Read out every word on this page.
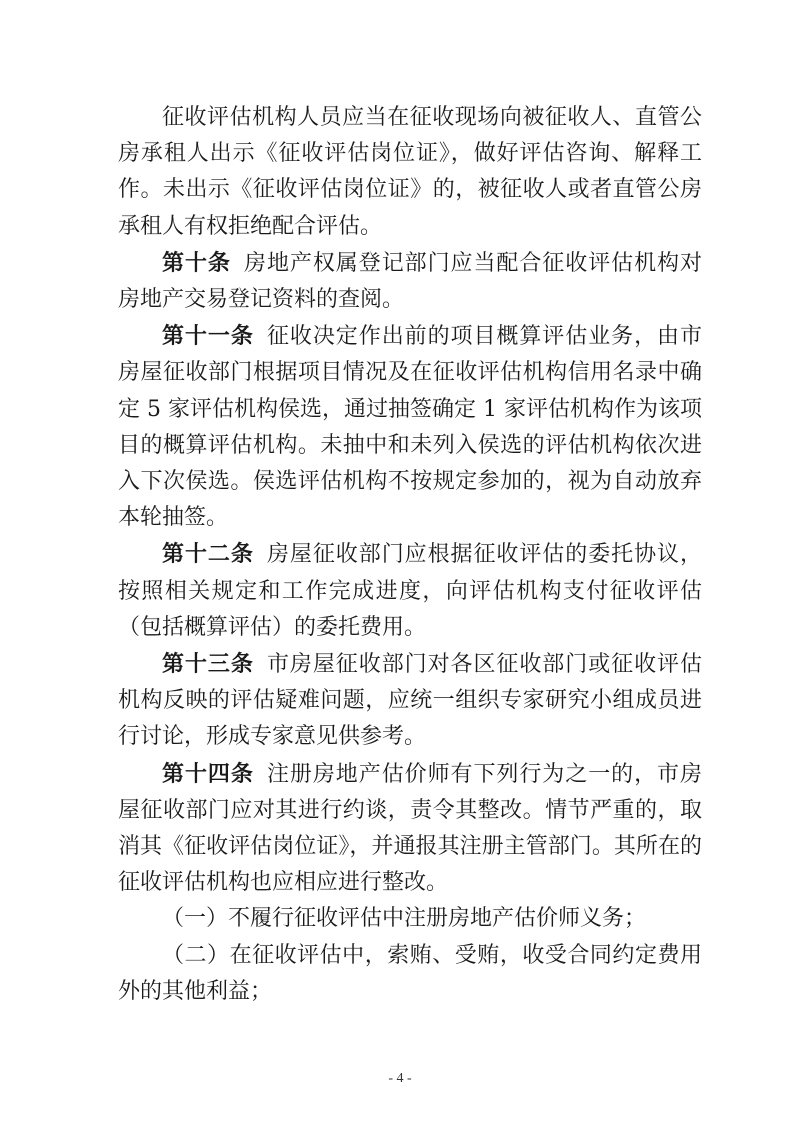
征收评估机构人员应当在征收现场向被征收人、直管公房承租人出示《征收评估岗位证》，做好评估咨询、解释工作。未出示《征收评估岗位证》的，被征收人或者直管公房承租人有权拒绝配合评估。

第十条 房地产权属登记部门应当配合征收评估机构对房地产交易登记资料的查阅。

第十一条 征收决定作出前的项目概算评估业务，由市房屋征收部门根据项目情况及在征收评估机构信用名录中确定 5 家评估机构侯选，通过抽签确定 1 家评估机构作为该项目的概算评估机构。未抽中和未列入侯选的评估机构依次进入下次侯选。侯选评估机构不按规定参加的，视为自动放弃本轮抽签。

第十二条 房屋征收部门应根据征收评估的委托协议，按照相关规定和工作完成进度，向评估机构支付征收评估（包括概算评估）的委托费用。

第十三条 市房屋征收部门对各区征收部门或征收评估机构反映的评估疑难问题，应统一组织专家研究小组成员进行讨论，形成专家意见供参考。

第十四条 注册房地产估价师有下列行为之一的，市房屋征收部门应对其进行约谈，责令其整改。情节严重的，取消其《征收评估岗位证》，并通报其注册主管部门。其所在的征收评估机构也应相应进行整改。

（一）不履行征收评估中注册房地产估价师义务；

（二）在征收评估中，索贿、受贿，收受合同约定费用外的其他利益；

- 4 -
